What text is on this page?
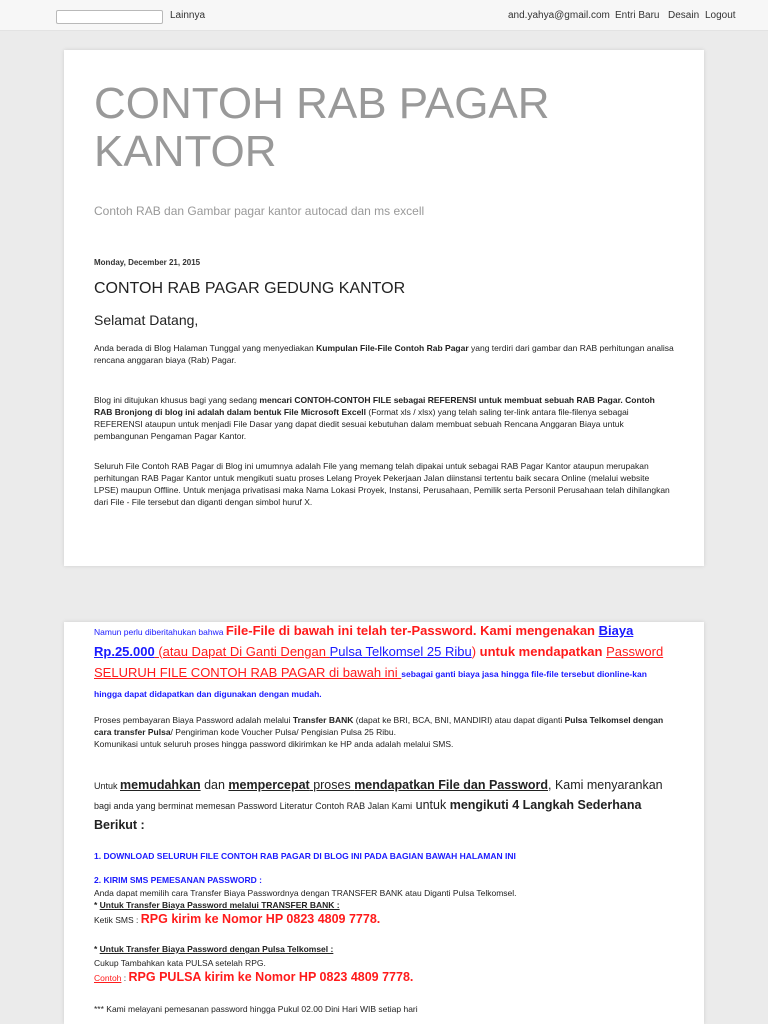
Lainnya	and.yahya@gmail.com Entri Baru Desain Logout
CONTOH RAB PAGAR KANTOR
Contoh RAB dan Gambar pagar kantor autocad dan ms excell
Monday, December 21, 2015
CONTOH RAB PAGAR GEDUNG KANTOR
Selamat Datang,
Anda berada di Blog Halaman Tunggal yang menyediakan Kumpulan File-File Contoh Rab Pagar yang terdiri dari gambar dan RAB perhitungan analisa rencana anggaran biaya (Rab) Pagar.
Blog ini ditujukan khusus bagi yang sedang mencari CONTOH-CONTOH FILE sebagai REFERENSI untuk membuat sebuah RAB Pagar. Contoh RAB Bronjong di blog ini adalah dalam bentuk File Microsoft Excell (Format xls / xlsx) yang telah saling ter-link antara file-filenya sebagai REFERENSI ataupun untuk menjadi File Dasar yang dapat diedit sesuai kebutuhan dalam membuat sebuah Rencana Anggaran Biaya untuk pembangunan Pengaman Pagar Kantor.
Seluruh File Contoh RAB Pagar di Blog ini umumnya adalah File yang memang telah dipakai untuk sebagai RAB Pagar Kantor ataupun merupakan perhitungan RAB Pagar Kantor untuk mengikuti suatu proses Lelang Proyek Pekerjaan Jalan diinstansi tertentu baik secara Online (melalui website LPSE) maupun Offline. Untuk menjaga privatisasi maka Nama Lokasi Proyek, Instansi, Perusahaan, Pemilik serta Personil Perusahaan telah dihilangkan dari File - File tersebut dan diganti dengan simbol huruf X.
Namun perlu diberitahukan bahwa File-File di bawah ini telah ter-Password. Kami mengenakan Biaya Rp.25.000 (atau Dapat Di Ganti Dengan Pulsa Telkomsel 25 Ribu) untuk mendapatkan Password SELURUH FILE CONTOH RAB PAGAR di bawah ini sebagai ganti biaya jasa hingga file-file tersebut dionline-kan hingga dapat didapatkan dan digunakan dengan mudah.
Proses pembayaran Biaya Password adalah melalui Transfer BANK (dapat ke BRI, BCA, BNI, MANDIRI) atau dapat diganti Pulsa Telkomsel dengan cara transfer Pulsa/ Pengiriman kode Voucher Pulsa/ Pengisian Pulsa 25 Ribu.
Komunikasi untuk seluruh proses hingga password dikirimkan ke HP anda adalah melalui SMS.
Untuk memudahkan dan mempercepat proses mendapatkan File dan Password, Kami menyarankan bagi anda yang berminat memesan Password Literatur Contoh RAB Jalan Kami untuk mengikuti 4 Langkah Sederhana Berikut :
1. DOWNLOAD SELURUH FILE CONTOH RAB PAGAR DI BLOG INI PADA BAGIAN BAWAH HALAMAN INI
2. KIRIM SMS PEMESANAN PASSWORD :
Anda dapat memilih cara Transfer Biaya Passwordnya dengan TRANSFER BANK atau Diganti Pulsa Telkomsel.
* Untuk Transfer Biaya Password melalui TRANSFER BANK :
Ketik SMS : RPG kirim ke Nomor HP 0823 4809 7778.
* Untuk Transfer Biaya Password dengan Pulsa Telkomsel :
Cukup Tambahkan kata PULSA setelah RPG.
Contoh : RPG PULSA kirim ke Nomor HP 0823 4809 7778.
*** Kami melayani pemesanan password hingga Pukul 02.00 Dini Hari WIB setiap hari
